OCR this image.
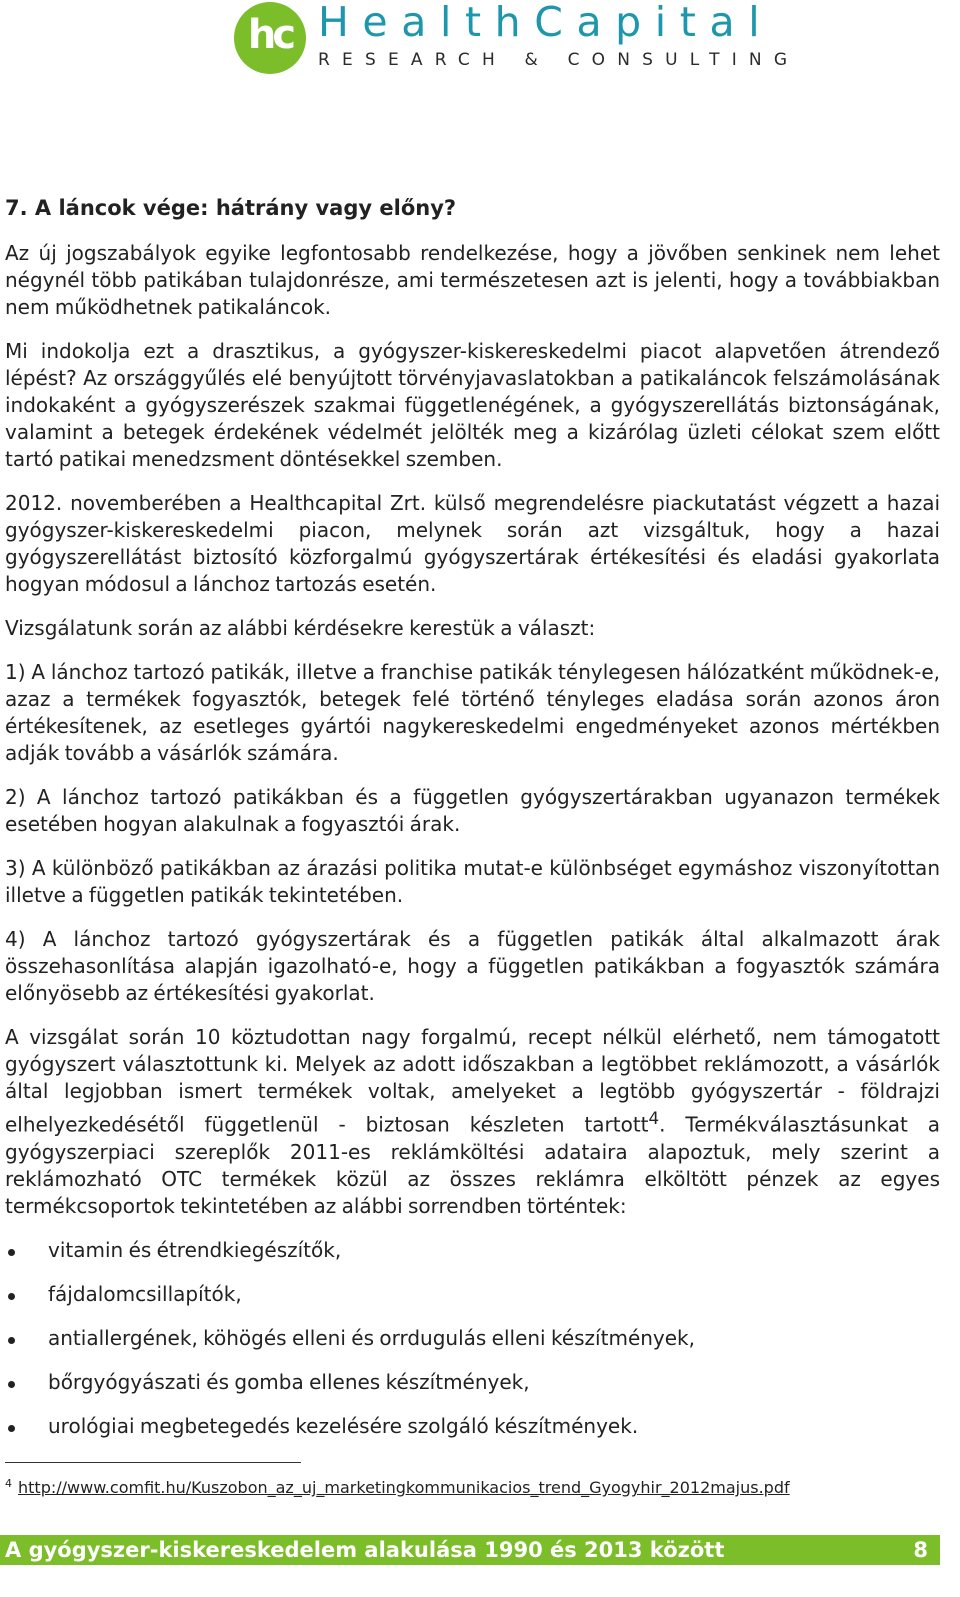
hc HealthCapital
RESEARCH & CONSULTING
7. A láncok vége: hátrány vagy előny?

Az új jogszabályok egyike legfontosabb rendelkezése, hogy a jövőben senkinek nem lehet négynél több patikában tulajdonrésze, ami természetesen azt is jelenti, hogy a továbbiakban nem működhetnek patikaláncok.

Mi indokolja ezt a drasztikus, a gyógyszer-kiskereskedelmi piacot alapvetően átrendező lépést? Az országgyűlés elé benyújtott törvényjavaslatokban a patikaláncok felszámolásának indokaként a gyógyszerészek szakmai függetlenégének, a gyógyszerellátás biztonságának, valamint a betegek érdekének védelmét jelölték meg a kizárólag üzleti célokat szem előtt tartó patikai menedzsment döntésekkel szemben.

2012. novemberében a Healthcapital Zrt. külső megrendelésre piackutatást végzett a hazai gyógyszer-kiskereskedelmi piacon, melynek során azt vizsgáltuk, hogy a hazai gyógyszerellátást biztosító közforgalmú gyógyszertárak értékesítési és eladási gyakorlata hogyan módosul a lánchoz tartozás esetén.

Vizsgálatunk során az alábbi kérdésekre kerestük a választ:

1) A lánchoz tartozó patikák, illetve a franchise patikák ténylegesen hálózatként működnek-e, azaz a termékek fogyasztók, betegek felé történő tényleges eladása során azonos áron értékesítenek, az esetleges gyártói nagykereskedelmi engedményeket azonos mértékben adják tovább a vásárlók számára.

2) A lánchoz tartozó patikákban és a független gyógyszertárakban ugyanazon termékek esetében hogyan alakulnak a fogyasztói árak.

3) A különböző patikákban az árazási politika mutat-e különbséget egymáshoz viszonyítottan illetve a független patikák tekintetében.

4) A lánchoz tartozó gyógyszertárak és a független patikák által alkalmazott árak összehasonlítása alapján igazolható-e, hogy a független patikákban a fogyasztók számára előnyösebb az értékesítési gyakorlat.

A vizsgálat során 10 köztudottan nagy forgalmú, recept nélkül elérhető, nem támogatott gyógyszert választottunk ki. Melyek az adott időszakban a legtöbbet reklámozott, a vásárlók által legjobban ismert termékek voltak, amelyeket a legtöbb gyógyszertár - földrajzi elhelyezkedésétől függetlenül - biztosan készleten tartott$^4$. Termékválasztásunkat a gyógyszerpiaci szereplők 2011-es reklámköltési adataira alapoztuk, mely szerint a reklámozható OTC termékek közül az összes reklámra elköltött pénzek az egyes termékcsoportok tekintetében az alábbi sorrendben történtek:

vitamin és étrendkiegészítők,
fájdalomcsillapítók,
antiallergének, köhögés elleni és orrdugulás elleni készítmények,
bőrgyógyászati és gomba ellenes készítmények,
urológiai megbetegedés kezelésére szolgáló készítmények.
$^4$ http://www.comfit.hu/Kuszobon_az_uj_marketingkommunikacios_trend_Gyogyhir_2012majus.pdf
A gyógyszer-kiskereskedelem alakulása 1990 és 2013 között	8
